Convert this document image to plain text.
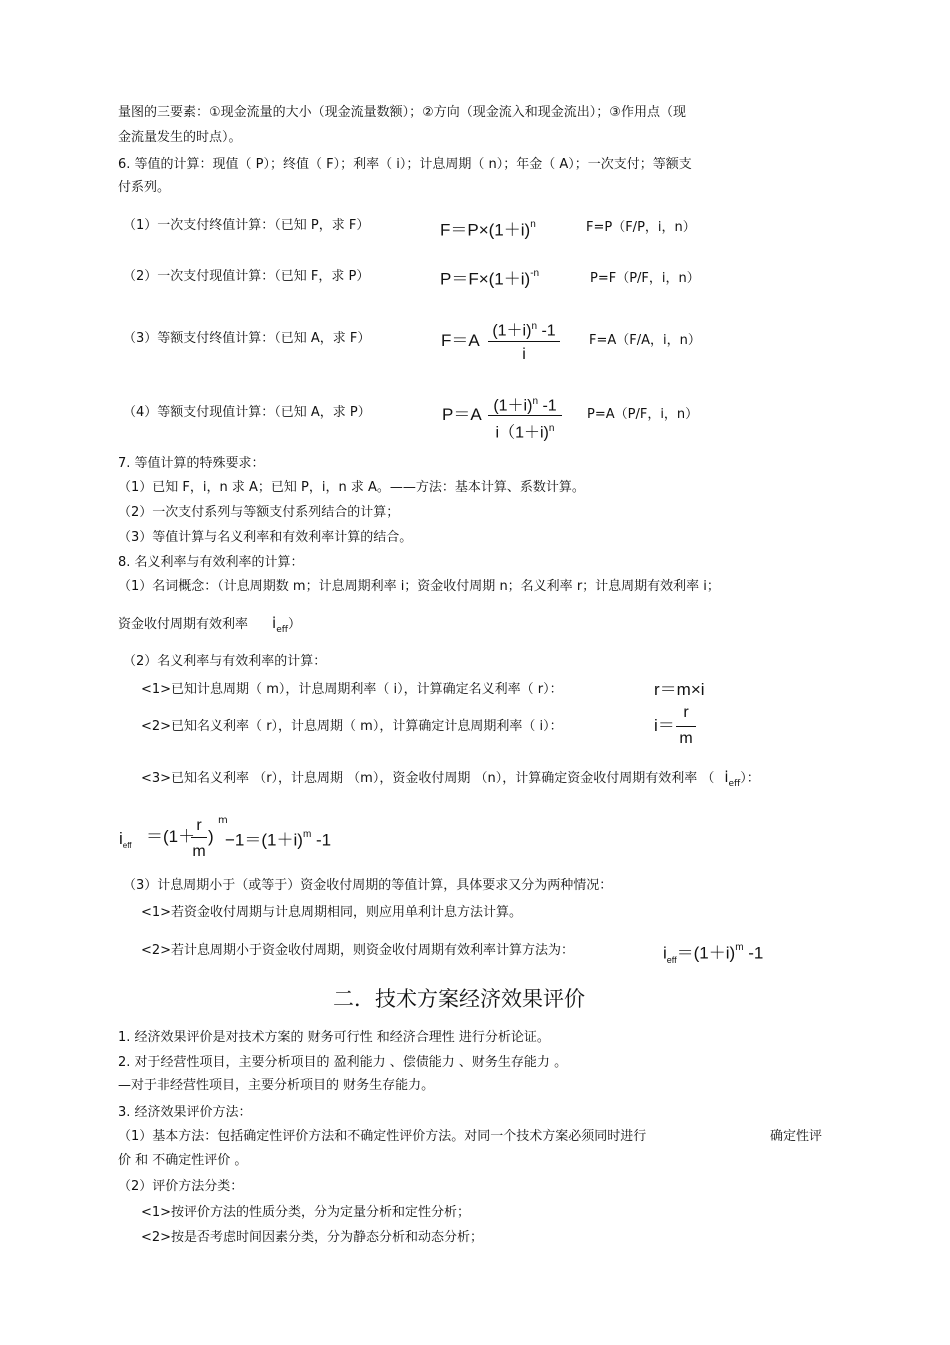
量图的三要素：①现金流量的大小（现金流量数额）；②方向（现金流入和现金流出）；③作用点（现
金流量发生的时点）。
6. 等值的计算：现值（ P）；终值（ F）；利率（ i）；计息周期（ n）；年金（ A）；一次支付；等额支
付系列。
（1）一次支付终值计算：（已知 P，求 F）	$F=P\times(1+i)^n$	F=P（F/P，i，n）
（2）一次支付现值计算：（已知 F，求 P）	$P=F\times(1+i)^{-n}$	P=F（P/F，i，n）
（3）等额支付终值计算：（已知 A，求 F）	F＝A
$(1+i)^n$ -1
i
F=A（F/A，i，n）
（4）等额支付现值计算：（已知 A，求 P）	P＝A $(1+i)^n$ -1
i（1＋i)$^n$
P=A（P/F，i，n）
7. 等值计算的特殊要求：
（1）已知 F，i，n 求 A；已知 P，i，n 求 A。——方法：基本计算、系数计算。
（2）一次支付系列与等额支付系列结合的计算；
（3）等值计算与名义利率和有效利率计算的结合。
8. 名义利率与有效利率的计算：
（1）名词概念：（计息周期数 m；计息周期利率 i；资金收付周期 n；名义利率 r；计息周期有效利率 i；
资金收付周期有效利率 $i_{eff}$）
（2）名义利率与有效利率的计算：
<1>已知计息周期（ m），计息周期利率（ i），计算确定名义利率（ r）：	r＝m×i
<2>已知名义利率（ r），计息周期（ m），计算确定计息周期利率（ i）：	i＝
r
m
<3>已知名义利率 （r），计息周期 （m），资金收付周期 （n），计算确定资金收付周期有效利率 （ $i_{eff}$）：
$i_{eff} =(1+$
r
m
)
m
$-1=(1+i)^m$ -1
（3）计息周期小于（或等于）资金收付周期的等值计算，具体要求又分为两种情况：
<1>若资金收付周期与计息周期相同，则应用单利计息方法计算。
<2>若计息周期小于资金收付周期，则资金收付周期有效利率计算方法为：	$i_{eff}=(1+i)^m$ -1
二．技术方案经济效果评价
1. 经济效果评价是对技术方案的 财务可行性 和经济合理性 进行分析论证。
2. 对于经营性项目，主要分析项目的 盈利能力 、偿债能力 、财务生存能力 。
—对于非经营性项目，主要分析项目的 财务生存能力。
3. 经济效果评价方法：
（1）基本方法：包括确定性评价方法和不确定性评价方法。对同一个技术方案必须同时进行	确定性评
价 和 不确定性评价 。
（2）评价方法分类：
<1>按评价方法的性质分类，分为定量分析和定性分析；
<2>按是否考虑时间因素分类，分为静态分析和动态分析；
